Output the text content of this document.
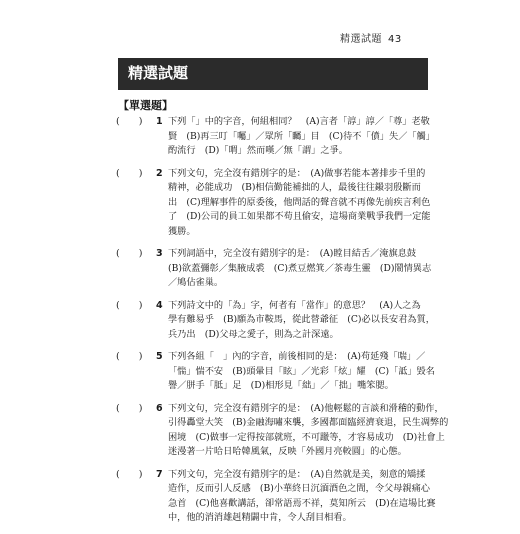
精選試題 43
精選試題
【單選題】
(　　)	1 下列「」中的字音，何組相同？　(A)言者「諄」諄／「尊」老敬
賢　(B)再三叮「囑」／眾所「矚」目　(C)待不「僨」失／「觸」
酌流行　(D)「喟」然而嘆／無「謂」之爭。
(　　)	2 下列文句，完全沒有錯別字的是：　(A)做事若能本著排步千里的
精神，必能成功　(B)相信勤能補拙的人，最後往往鎩羽殷斷而
出　(C)理解事件的原委後，他問話的聲音就不再像先前疾言利色
了　(D)公司的員工如果都不苟且偷安，這場商業戰爭我們一定能
獲勝。
(　　)	3 下列詞語中，完全沒有錯別字的是：　(A)瞠目結舌／淹旗息鼓
(B)欲蓋彌彰／集腋成裘　(C)煮豆燃箕／茶毒生靈　(D)鬧情異志
／鳩佔雀巢。
(　　)	4 下列詩文中的「為」字，何者有「當作」的意思？　(A)人之為
學有難易乎　(B)願為市鞍馬，從此替爺征　(C)必以長安君為質，
兵乃出　(D)父母之愛子，則為之計深遠。
(　　)	5 下列各組「　」內的字音，前後相同的是：　(A)苟延殘「喘」／
「惴」惴不安　(B)頭暈目「眩」／光彩「炫」耀　(C)「詆」毀名
譽／胼手「胝」足　(D)相形見「絀」／「拙」嘴笨腮。
(　　)	6 下列文句，完全沒有錯別字的是：　(A)他輕鬆的言談和滑稽的動作，
引得轟堂大笑　(B)金融海嘯來襲，多國都面臨經濟衰退，民生凋弊的
困境　(C)做事一定得按部就班，不可躐等，才容易成功　(D)社會上
迷漫著一片哈日哈韓風氣，反映「外國月亮較圓」的心態。
(　　)	7 下列文句，完全沒有錯別字的是：　(A)自然就是美，刻意的矯揉
造作，反而引人反感　(B)小華終日沉湎酒色之間，令父母親痛心
急首　(C)他喜歡講話，卻常語焉不祥，莫知所云　(D)在這場比賽
中，他的消消雄赳精闢中肯，令人刮目相看。
